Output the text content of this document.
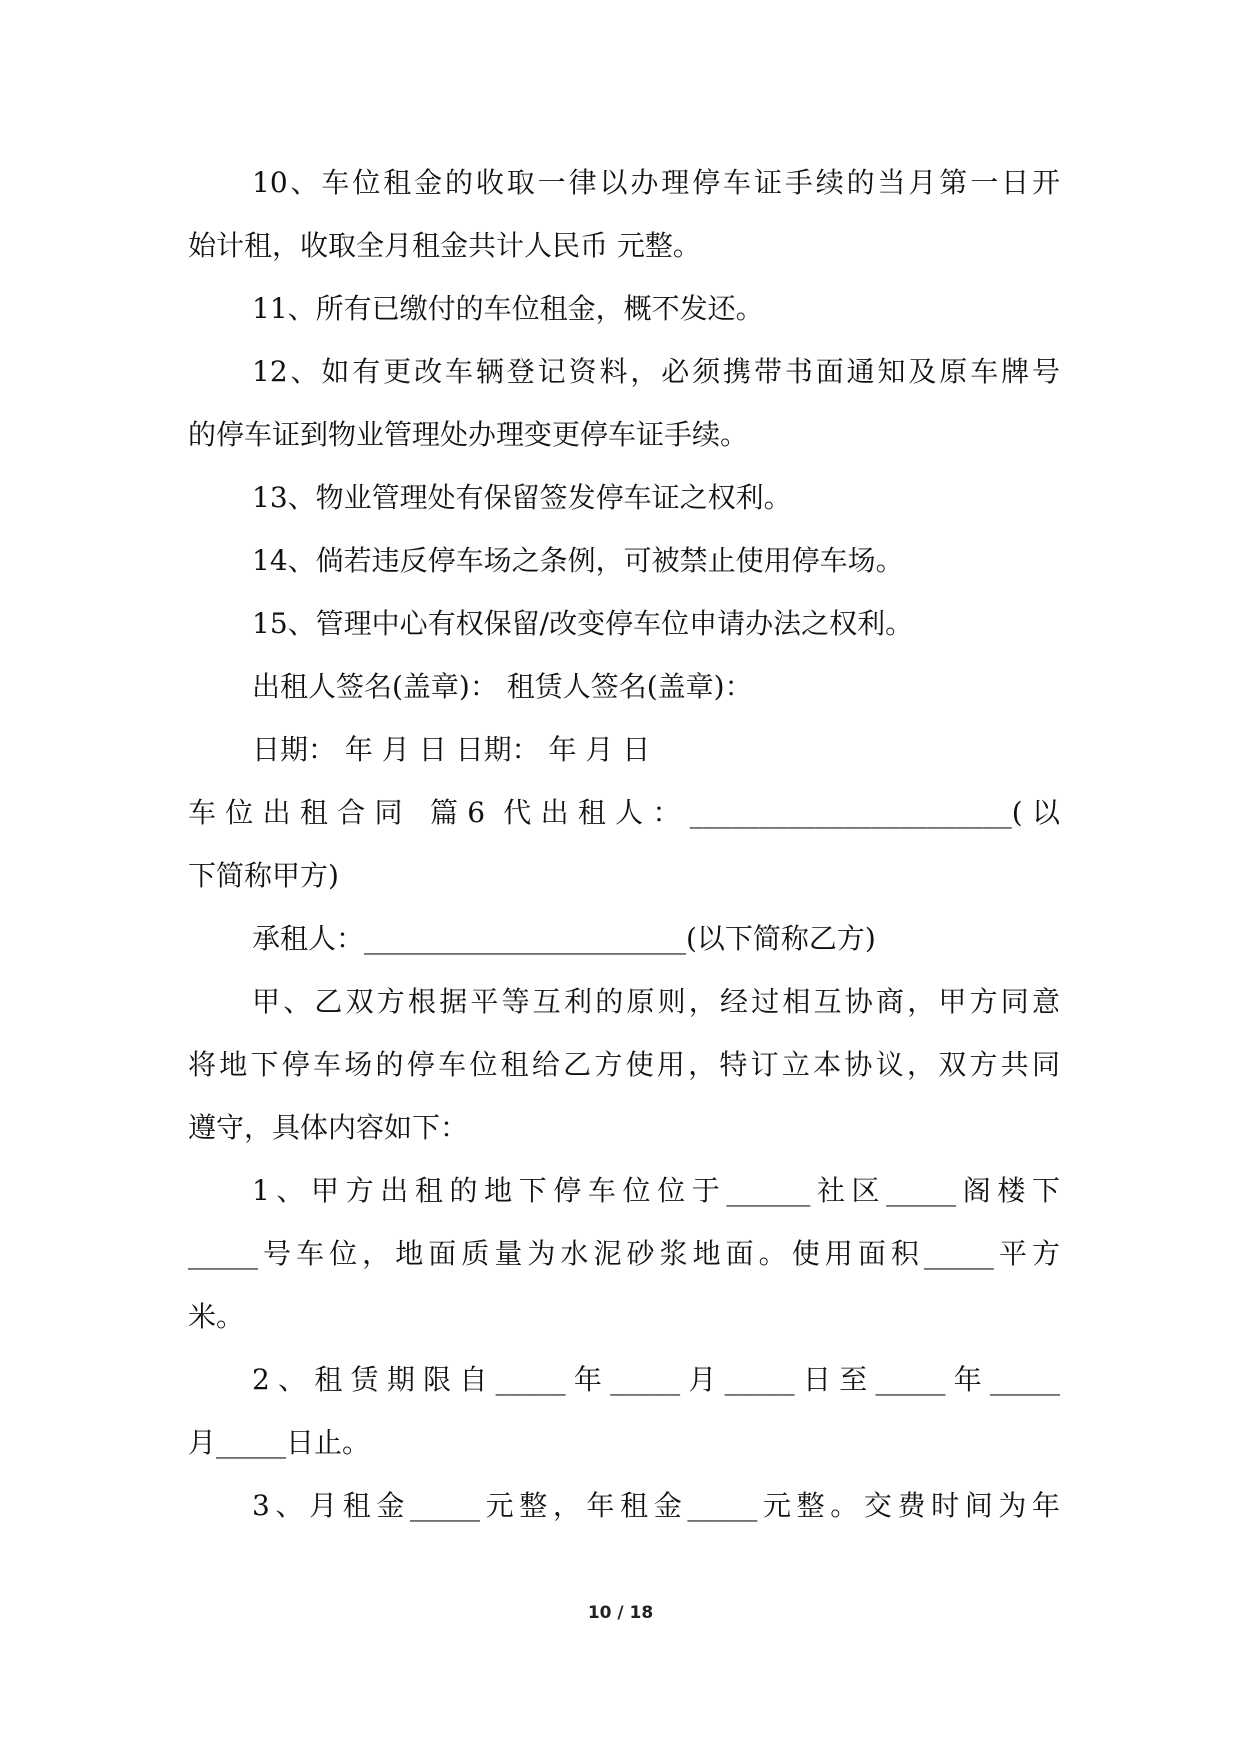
10、车位租金的收取一律以办理停车证手续的当月第一日开
始计租，收取全月租金共计人民币 元整。
11、所有已缴付的车位租金，概不发还。
12、如有更改车辆登记资料，必须携带书面通知及原车牌号
的停车证到物业管理处办理变更停车证手续。
13、物业管理处有保留签发停车证之权利。
14、倘若违反停车场之条例，可被禁止使用停车场。
15、管理中心有权保留/改变停车位申请办法之权利。
出租人签名(盖章)： 租赁人签名(盖章)：
日期： 年 月 日 日期： 年 月 日
车位出租合同 篇6 代出租人：_______________________(以
下简称甲方)
承租人：_______________________(以下简称乙方)
甲、乙双方根据平等互利的原则，经过相互协商，甲方同意
将地下停车场的停车位租给乙方使用，特订立本协议，双方共同
遵守，具体内容如下：
1、甲方出租的地下停车位位于______社区_____阁楼下
_____号车位，地面质量为水泥砂浆地面。使用面积_____平方
米。
2、租赁期限自_____年_____月_____日至_____年_____
月_____日止。
3、月租金_____元整，年租金_____元整。交费时间为年
10 / 18
